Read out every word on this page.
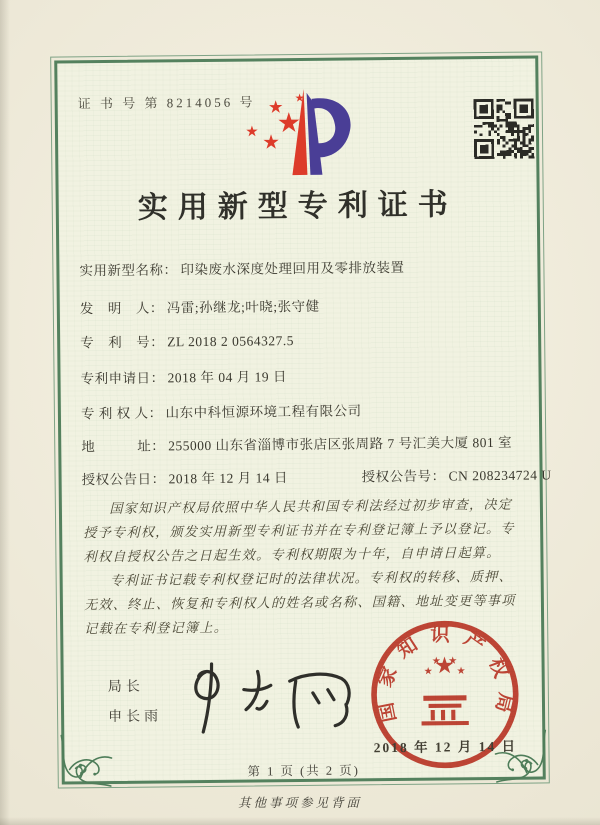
证 书 号 第 8214056 号
实用新型专利证书
实用新型名称： 印染废水深度处理回用及零排放装置
发　明　人： 冯雷;孙继龙;叶晓;张守健
专　利　号： ZL 2018 2 0564327.5
专利申请日： 2018 年 04 月 19 日
专 利 权 人： 山东中科恒源环境工程有限公司
地　　　址： 255000 山东省淄博市张店区张周路 7 号汇美大厦 801 室
授权公告日： 2018 年 12 月 14 日	授权公告号： CN 208234724 U

国家知识产权局依照中华人民共和国专利法经过初步审查，决定授予专利权，颁发实用新型专利证书并在专利登记簿上予以登记。专利权自授权公告之日起生效。专利权期限为十年，自申请日起算。

专利证书记载专利权登记时的法律状况。专利权的转移、质押、无效、终止、恢复和专利权人的姓名或名称、国籍、地址变更等事项记载在专利登记簿上。

局长
申长雨	国家知识产权局
2018 年 12 月 14 日
第 1 页 (共 2 页)
其他事项参见背面
